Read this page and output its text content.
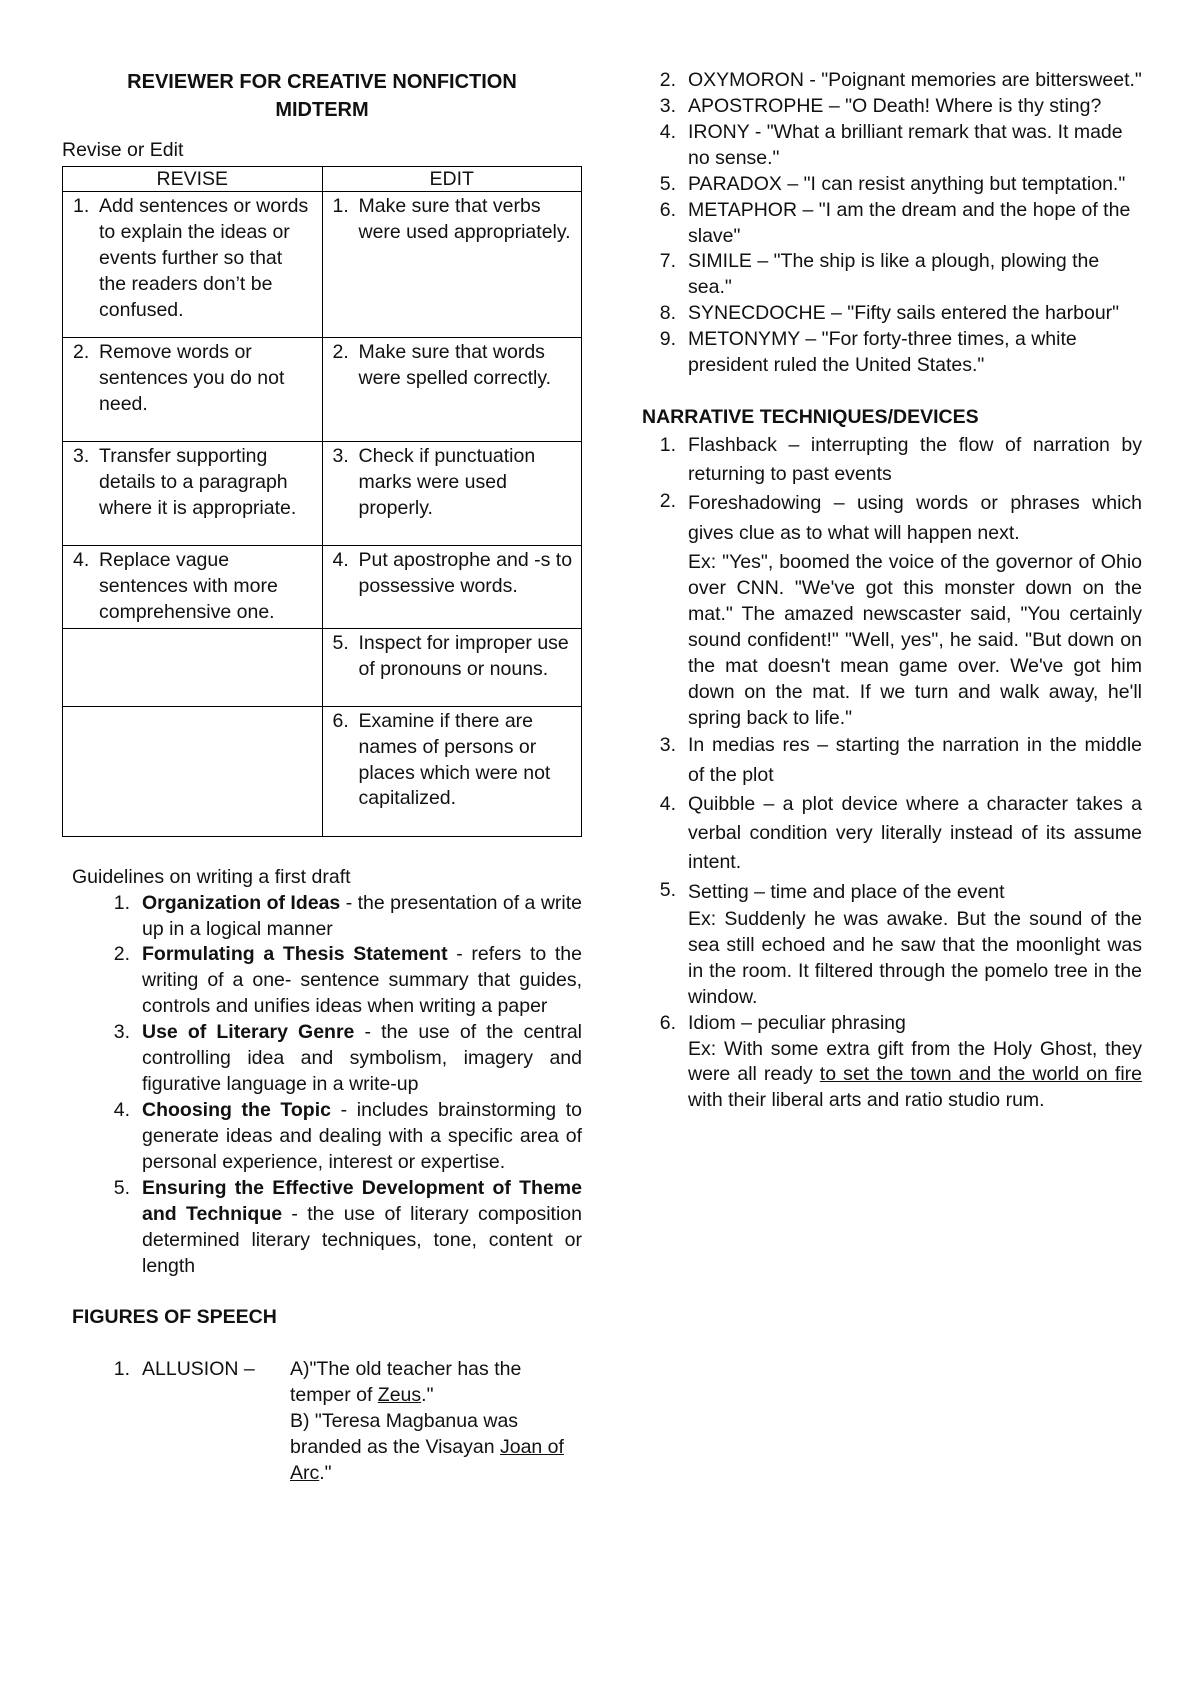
REVIEWER FOR CREATIVE NONFICTION
MIDTERM

Revise or Edit

REVISE	EDIT

1. Add sentences or words to explain the ideas or events further so that the readers don’t be confused.	1. Make sure that verbs were used appropriately.

2. Remove words or sentences you do not need.	2. Make sure that words were spelled correctly.

3. Transfer supporting details to a paragraph where it is appropriate.	3. Check if punctuation marks were used properly.

4. Replace vague sentences with more comprehensive one.	4. Put apostrophe and -s to possessive words.

	5. Inspect for improper use of pronouns or nouns.

	6. Examine if there are names of persons or places which were not capitalized.

Guidelines on writing a first draft

1. Organization of Ideas - the presentation of a write up in a logical manner
2. Formulating a Thesis Statement - refers to the writing of a one- sentence summary that guides, controls and unifies ideas when writing a paper
3. Use of Literary Genre - the use of the central controlling idea and symbolism, imagery and figurative language in a write-up
4. Choosing the Topic - includes brainstorming to generate ideas and dealing with a specific area of personal experience, interest or expertise.
5. Ensuring the Effective Development of Theme and Technique - the use of literary composition determined literary techniques, tone, content or length

FIGURES OF SPEECH

1. ALLUSION –	A)"The old teacher has the temper of Zeus."
B) "Teresa Magbanua was branded as the Visayan Joan of Arc."
2. OXYMORON - "Poignant memories are bittersweet."
3. APOSTROPHE – "O Death! Where is thy sting?
4. IRONY - "What a brilliant remark that was. It made no sense."
5. PARADOX – "I can resist anything but temptation."
6. METAPHOR – "I am the dream and the hope of the slave"
7. SIMILE – "The ship is like a plough, plowing the sea."
8. SYNECDOCHE – "Fifty sails entered the harbour"
9. METONYMY – "For forty-three times, a white president ruled the United States."

NARRATIVE TECHNIQUES/DEVICES

1. Flashback – interrupting the flow of narration by returning to past events
2. Foreshadowing – using words or phrases which gives clue as to what will happen next.
Ex: "Yes", boomed the voice of the governor of Ohio over CNN. "We've got this monster down on the mat." The amazed newscaster said, "You certainly sound confident!" "Well, yes", he said. "But down on the mat doesn't mean game over. We've got him down on the mat. If we turn and walk away, he'll spring back to life."
3. In medias res – starting the narration in the middle of the plot
4. Quibble – a plot device where a character takes a verbal condition very literally instead of its assume intent.
5. Setting – time and place of the event
Ex: Suddenly he was awake. But the sound of the sea still echoed and he saw that the moonlight was in the room. It filtered through the pomelo tree in the window.
6. Idiom – peculiar phrasing
Ex: With some extra gift from the Holy Ghost, they were all ready to set the town and the world on fire with their liberal arts and ratio studio rum.
